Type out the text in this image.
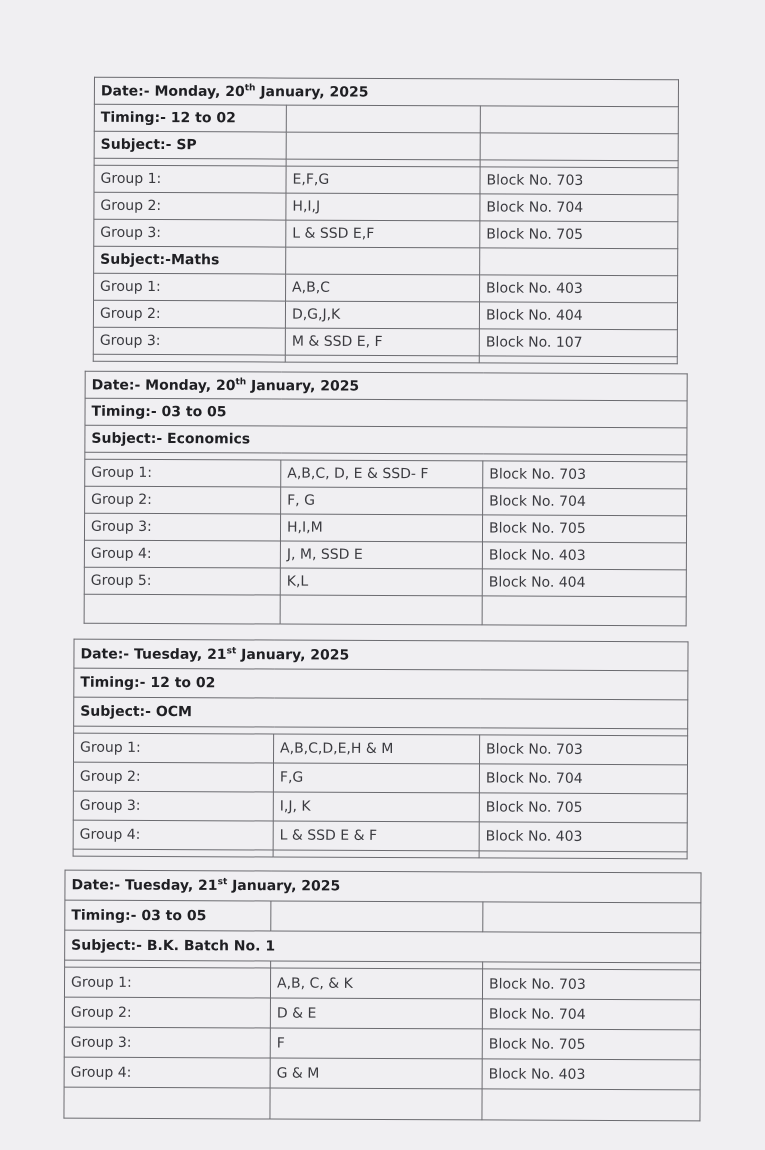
Date:- Monday, 20th January, 2025		
Timing:- 12 to 02		
Subject:- SP		

Group 1:	E,F,G	Block No. 703
Group 2:	H,I,J	Block No. 704
Group 3:	L & SSD E,F	Block No. 705
Subject:-Maths		
Group 1:	A,B,C	Block No. 403
Group 2:	D,G,J,K	Block No. 404
Group 3:	M & SSD E, F	Block No. 107

Date:- Monday, 20th January, 2025		
Timing:- 03 to 05		
Subject:- Economics		

Group 1:	A,B,C, D, E & SSD- F	Block No. 703
Group 2:	F, G	Block No. 704
Group 3:	H,I,M	Block No. 705
Group 4:	J, M, SSD E	Block No. 403
Group 5:	K,L	Block No. 404

Date:- Tuesday, 21st January, 2025		
Timing:- 12 to 02		
Subject:- OCM		

Group 1:	A,B,C,D,E,H & M	Block No. 703
Group 2:	F,G	Block No. 704
Group 3:	I,J, K	Block No. 705
Group 4:	L & SSD E & F	Block No. 403

Date:- Tuesday, 21st January, 2025		
Timing:- 03 to 05		
Subject:- B.K. Batch No. 1		

Group 1:	A,B, C, & K	Block No. 703
Group 2:	D & E	Block No. 704
Group 3:	F	Block No. 705
Group 4:	G & M	Block No. 403
